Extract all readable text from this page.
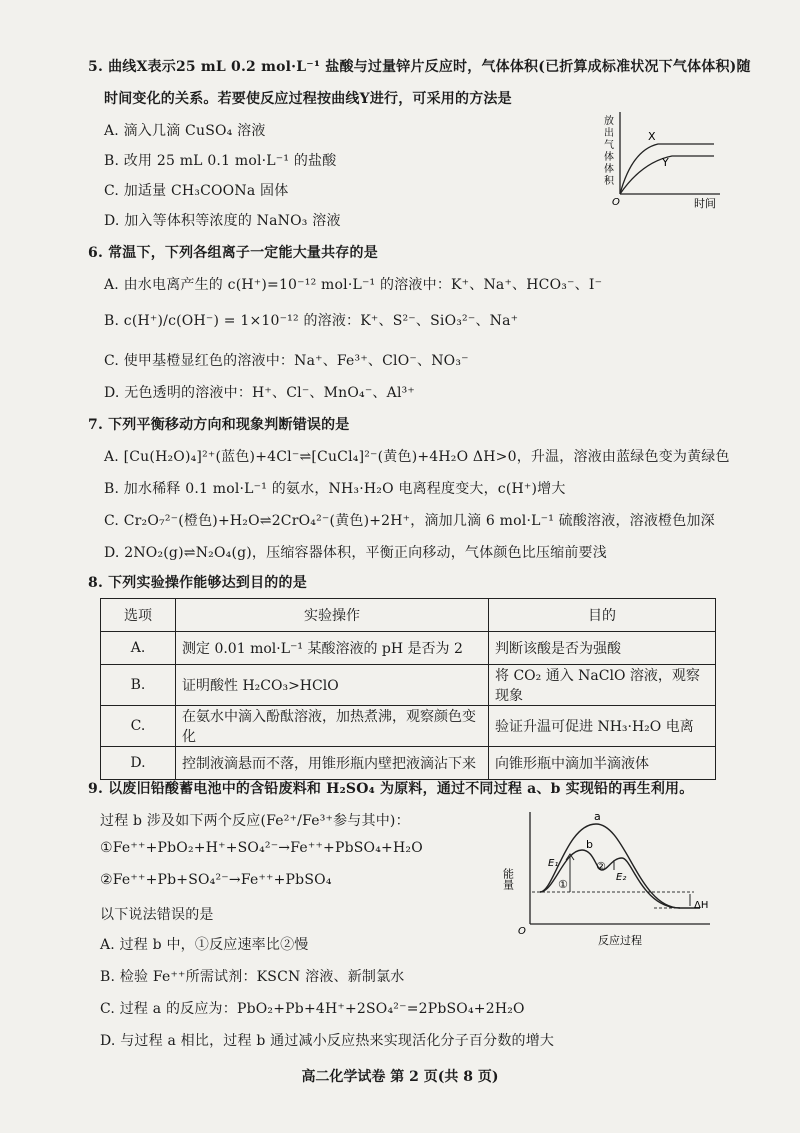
5. 曲线X表示25 mL 0.2 mol·L⁻¹ 盐酸与过量锌片反应时，气体体积(已折算成标准状况下气体体积)随
时间变化的关系。若要使反应过程按曲线Y进行，可采用的方法是
A. 滴入几滴 CuSO₄ 溶液
B. 改用 25 mL 0.1 mol·L⁻¹ 的盐酸
C. 加适量 CH₃COONa 固体
D. 加入等体积等浓度的 NaNO₃ 溶液
X
Y
O	时间
放
出
气
体
体
积
6. 常温下，下列各组离子一定能大量共存的是
A. 由水电离产生的 c(H⁺)=10⁻¹² mol·L⁻¹ 的溶液中：K⁺、Na⁺、HCO₃⁻、I⁻
B. c(H⁺)/c(OH⁻) = 1×10⁻¹² 的溶液：K⁺、S²⁻、SiO₃²⁻、Na⁺
C. 使甲基橙显红色的溶液中：Na⁺、Fe³⁺、ClO⁻、NO₃⁻
D. 无色透明的溶液中：H⁺、Cl⁻、MnO₄⁻、Al³⁺
7. 下列平衡移动方向和现象判断错误的是
A. [Cu(H₂O)₄]²⁺(蓝色)+4Cl⁻⇌[CuCl₄]²⁻(黄色)+4H₂O ΔH>0，升温，溶液由蓝绿色变为黄绿色
B. 加水稀释 0.1 mol·L⁻¹ 的氨水，NH₃·H₂O 电离程度变大，c(H⁺)增大
C. Cr₂O₇²⁻(橙色)+H₂O⇌2CrO₄²⁻(黄色)+2H⁺，滴加几滴 6 mol·L⁻¹ 硫酸溶液，溶液橙色加深
D. 2NO₂(g)⇌N₂O₄(g)，压缩容器体积，平衡正向移动，气体颜色比压缩前要浅
8. 下列实验操作能够达到目的的是
选项	实验操作	目的
A.	测定 0.01 mol·L⁻¹ 某酸溶液的 pH 是否为 2	判断该酸是否为强酸
B.	证明酸性 H₂CO₃>HClO	将 CO₂ 通入 NaClO 溶液，观察现象
C.	在氨水中滴入酚酞溶液，加热煮沸，观察颜色变化	验证升温可促进 NH₃·H₂O 电离
D.	控制液滴悬而不落，用锥形瓶内壁把液滴沾下来	向锥形瓶中滴加半滴液体
9. 以废旧铅酸蓄电池中的含铅废料和 H₂SO₄ 为原料，通过不同过程 a、b 实现铅的再生利用。
过程 b 涉及如下两个反应(Fe²⁺/Fe³⁺参与其中)：
①Fe⁺⁺+PbO₂+H⁺+SO₄²⁻→Fe⁺⁺+PbSO₄+H₂O
②Fe⁺⁺+Pb+SO₄²⁻→Fe⁺⁺+PbSO₄
以下说法错误的是
A. 过程 b 中，①反应速率比②慢
B. 检验 Fe⁺⁺所需试剂：KSCN 溶液、新制氯水
C. 过程 a 的反应为：PbO₂+Pb+4H⁺+2SO₄²⁻=2PbSO₄+2H₂O
D. 与过程 a 相比，过程 b 通过减小反应热来实现活化分子百分数的增大
a
b
E₁
E₂
①
②
ΔH
O
反应过程
能量
高二化学试卷 第 2 页(共 8 页)
